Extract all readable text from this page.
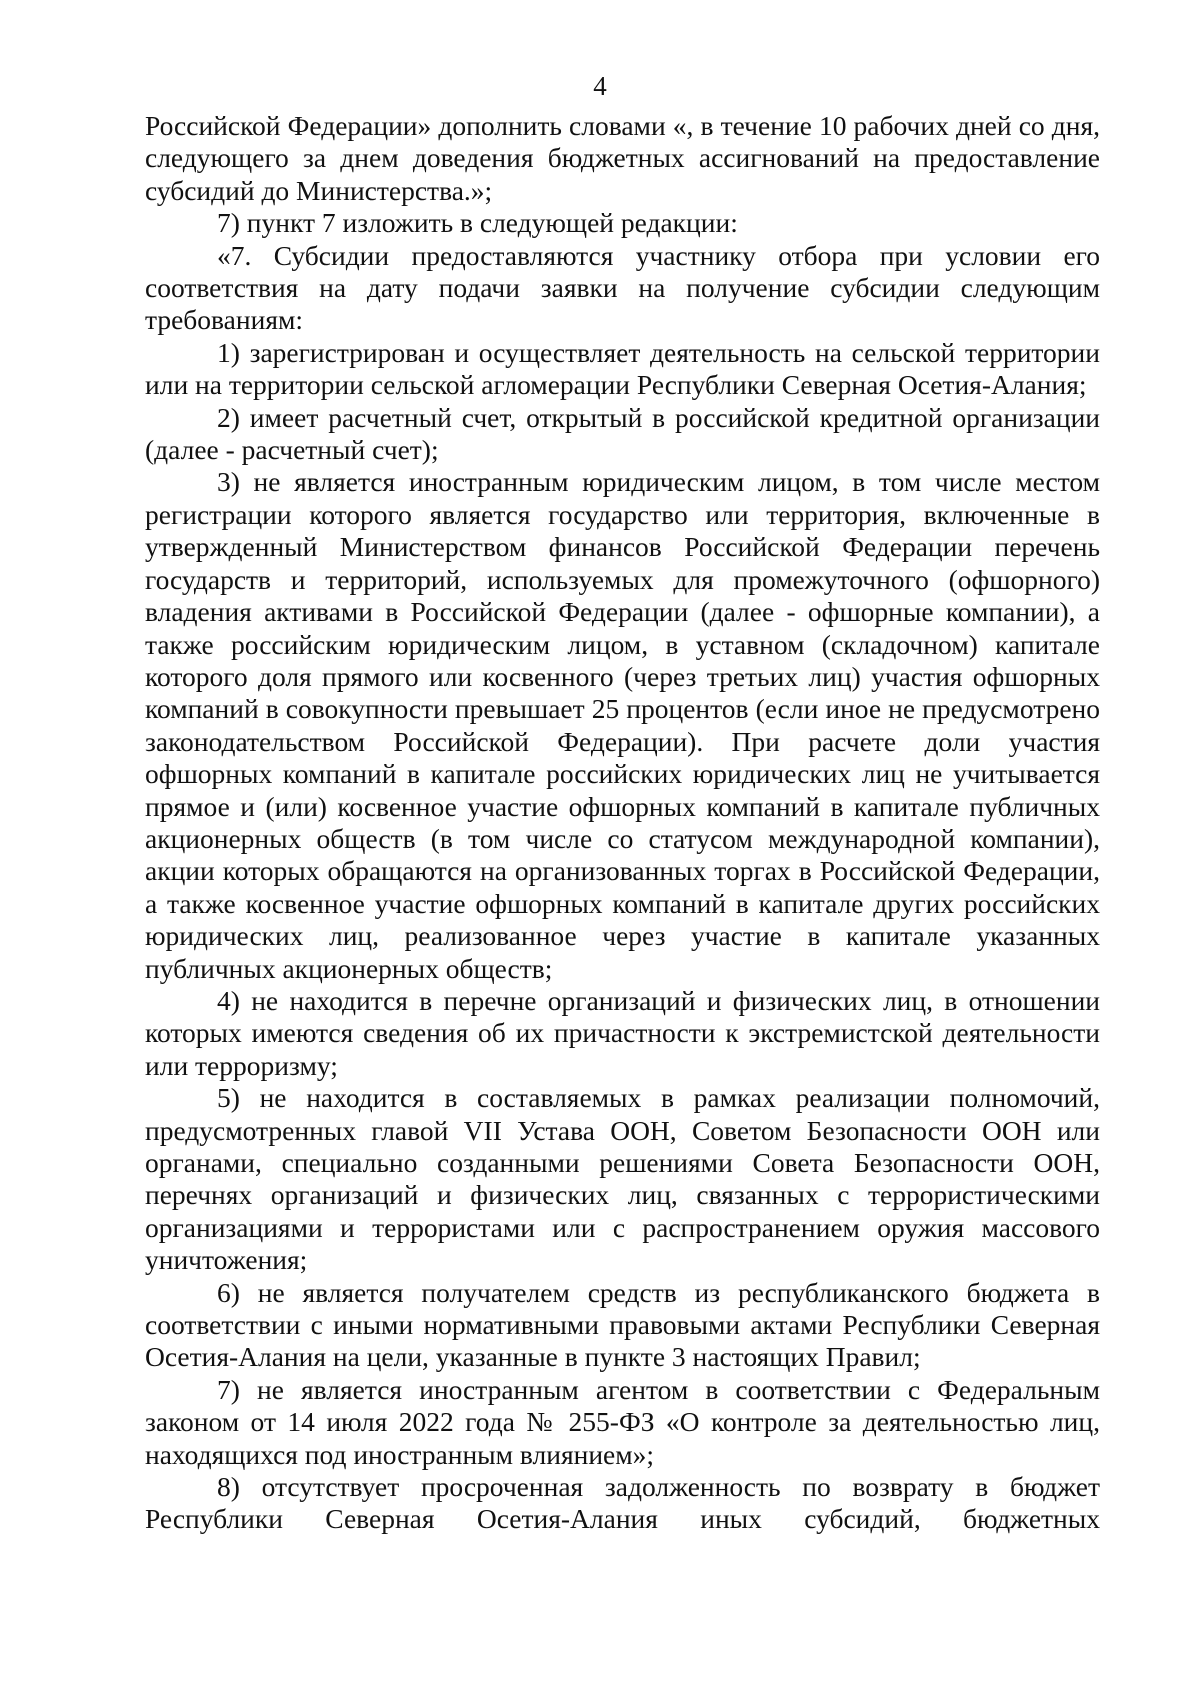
4

Российской Федерации» дополнить словами «, в течение 10 рабочих дней со дня, следующего за днем доведения бюджетных ассигнований на предоставление субсидий до Министерства.»;

7) пункт 7 изложить в следующей редакции:

«7. Субсидии предоставляются участнику отбора при условии его соответствия на дату подачи заявки на получение субсидии следующим требованиям:

1) зарегистрирован и осуществляет деятельность на сельской территории или на территории сельской агломерации Республики Северная Осетия-Алания;

2) имеет расчетный счет, открытый в российской кредитной организации (далее - расчетный счет);

3) не является иностранным юридическим лицом, в том числе местом регистрации которого является государство или территория, включенные в утвержденный Министерством финансов Российской Федерации перечень государств и территорий, используемых для промежуточного (офшорного) владения активами в Российской Федерации (далее - офшорные компании), а также российским юридическим лицом, в уставном (складочном) капитале которого доля прямого или косвенного (через третьих лиц) участия офшорных компаний в совокупности превышает 25 процентов (если иное не предусмотрено законодательством Российской Федерации). При расчете доли участия офшорных компаний в капитале российских юридических лиц не учитывается прямое и (или) косвенное участие офшорных компаний в капитале публичных акционерных обществ (в том числе со статусом международной компании), акции которых обращаются на организованных торгах в Российской Федерации, а также косвенное участие офшорных компаний в капитале других российских юридических лиц, реализованное через участие в капитале указанных публичных акционерных обществ;

4) не находится в перечне организаций и физических лиц, в отношении которых имеются сведения об их причастности к экстремистской деятельности или терроризму;

5) не находится в составляемых в рамках реализации полномочий, предусмотренных главой VII Устава ООН, Советом Безопасности ООН или органами, специально созданными решениями Совета Безопасности ООН, перечнях организаций и физических лиц, связанных с террористическими организациями и террористами или с распространением оружия массового уничтожения;

6) не является получателем средств из республиканского бюджета в соответствии с иными нормативными правовыми актами Республики Северная Осетия-Алания на цели, указанные в пункте 3 настоящих Правил;

7) не является иностранным агентом в соответствии с Федеральным законом от 14 июля 2022 года № 255-ФЗ «О контроле за деятельностью лиц, находящихся под иностранным влиянием»;

8) отсутствует просроченная задолженность по возврату в бюджет Республики Северная Осетия-Алания иных субсидий, бюджетных
